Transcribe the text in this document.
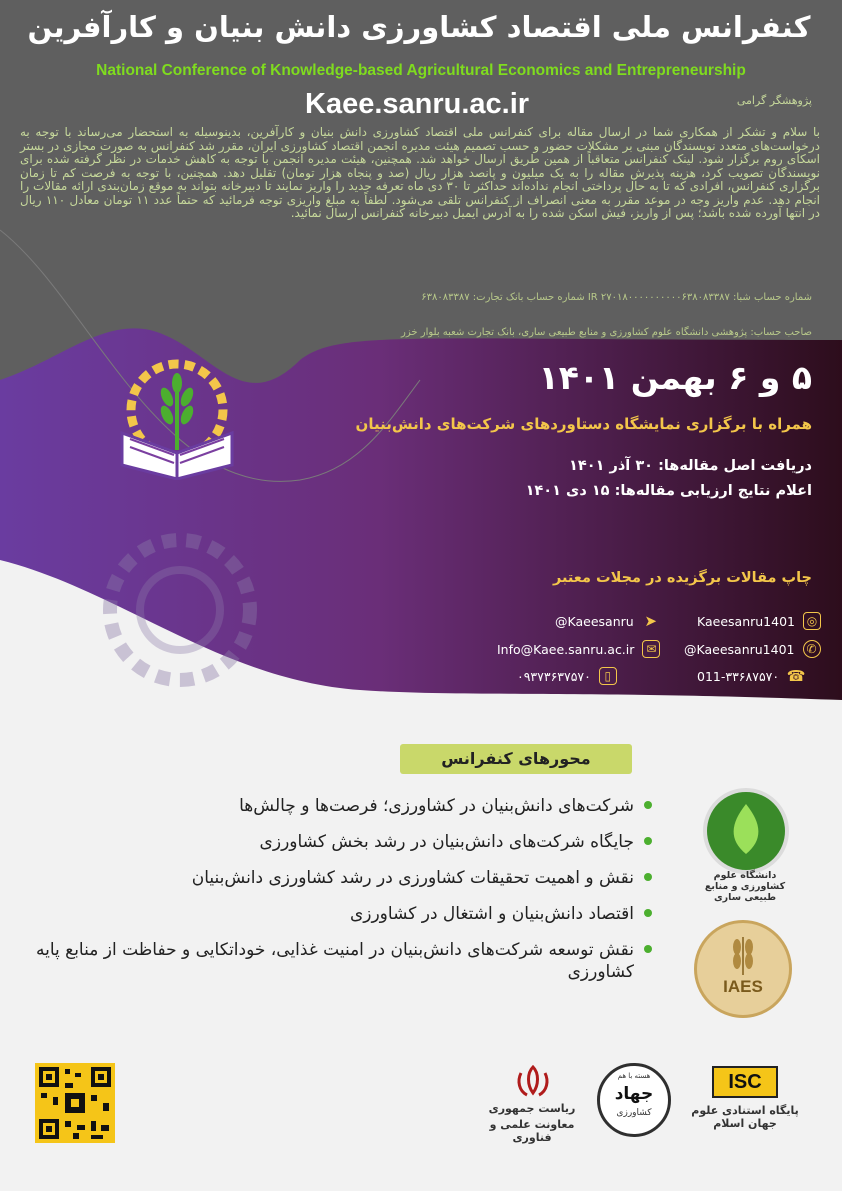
کنفرانس ملی اقتصاد کشاورزی دانش بنیان و کارآفرین
National Conference of Knowledge-based Agricultural Economics and Entrepreneurship
Kaee.sanru.ac.ir	پژوهشگر گرامی
با سلام و تشکر از همکاری شما در ارسال مقاله برای کنفرانس ملی اقتصاد کشاورزی دانش بنیان و کارآفرین، بدینوسیله به استحضار می‌رساند با توجه به درخواست‌های متعدد نویسندگان مبنی بر مشکلات حضور و حسب تصمیم هیئت مدیره انجمن اقتصاد کشاورزی ایران، مقرر شد کنفرانس به صورت مجازی در بستر اسکای روم برگزار شود. لینک کنفرانس متعاقباً از همین طریق ارسال خواهد شد. همچنین، هیئت مدیره انجمن با توجه به کاهش خدمات در نظر گرفته شده برای نویسندگان تصویب کرد، هزینه پذیرش مقاله را به یک میلیون و پانصد هزار ریال (صد و پنجاه هزار تومان) تقلیل دهد. همچنین، با توجه به فرصت کم تا زمان برگزاری کنفرانس، افرادی که تا به حال پرداختی انجام نداده‌اند حداکثر تا ۳۰ دی ماه تعرفه جدید را واریز نمایند تا دبیرخانه بتواند به موقع زمان‌بندی ارائه مقالات را انجام دهد. عدم واریز وجه در موعد مقرر به معنی انصراف از کنفرانس تلقی می‌شود. لطفاً به مبلغ واریزی توجه فرمائید که حتماً عدد ۱۱ تومان معادل ۱۱۰ ریال در انتها آورده شده باشد؛ پس از واریز، فیش اسکن شده را به آدرس ایمیل دبیرخانه کنفرانس ارسال نمائید.
شماره حساب شبا: IR ۲۷۰۱۸۰۰۰۰۰۰۰۰۰۰۶۳۸۰۸۳۳۸۷ شماره حساب بانک تجارت: ۶۳۸۰۸۳۳۸۷
صاحب حساب: پژوهشی دانشگاه علوم کشاورزی و منابع طبیعی ساری، بانک تجارت شعبه بلوار خزر
۵ و ۶ بهمن ۱۴۰۱
همراه با برگزاری نمایشگاه دستاوردهای شرکت‌های دانش‌بنیان
دریافت اصل مقاله‌ها: ۳۰ آذر ۱۴۰۱
اعلام نتایج ارزیابی مقاله‌ها: ۱۵ دی ۱۴۰۱
چاپ مقالات برگزیده در مجلات معتبر
@Kaeesanru ➤	Kaeesanru1401 ◎
Info@Kaee.sanru.ac.ir ✉	@Kaeesanru1401 ✆
۰۹۳۷۳۶۳۷۵۷۰	▯	011-۳۳۶۸۷۵۷۰ ☎
محورهای کنفرانس
شرکت‌های دانش‌بنیان در کشاورزی؛ فرصت‌ها و چالش‌ها
جایگاه شرکت‌های دانش‌بنیان در رشد بخش کشاورزی
نقش و اهمیت تحقیقات کشاورزی در رشد کشاورزی دانش‌بنیان
اقتصاد دانش‌بنیان و اشتغال در کشاورزی
نقش توسعه شرکت‌های دانش‌بنیان در امنیت غذایی، خوداتکایی و حفاظت از منابع پایه کشاورزی
دانشگاه علوم کشاورزی و منابع طبیعی ساری
IAES
ریاست جمهوری
معاونت علمی و فناوری
هسته با هم
جهاد
کشاورزی
ISC
پایگاه استنادی علوم جهان اسلام
